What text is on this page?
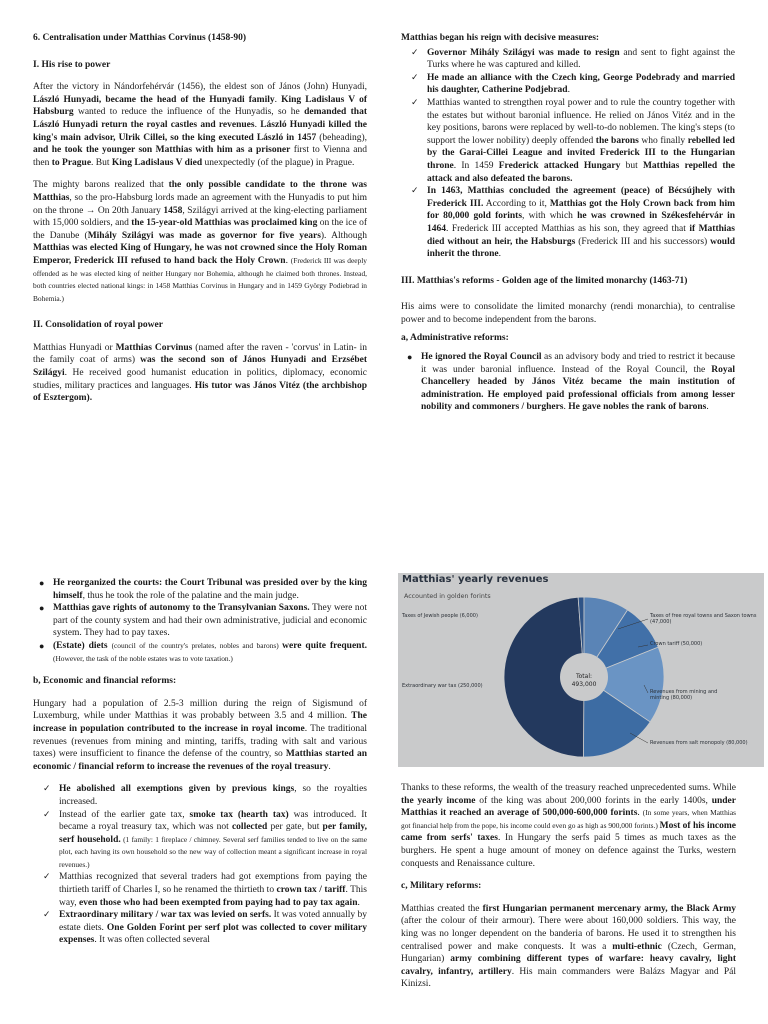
6. Centralisation under Matthias Corvinus (1458-90)

I. His rise to power

After the victory in Nándorfehérvár (1456), the eldest son of János (John) Hunyadi, László Hunyadi, became the head of the Hunyadi family. King Ladislaus V of Habsburg wanted to reduce the influence of the Hunyadis, so he demanded that László Hunyadi return the royal castles and revenues. László Hunyadi killed the king's main advisor, Ulrik Cillei, so the king executed László in 1457 (beheading), and he took the younger son Matthias with him as a prisoner first to Vienna and then to Prague. But King Ladislaus V died unexpectedly (of the plague) in Prague.

The mighty barons realized that the only possible candidate to the throne was Matthias, so the pro-Habsburg lords made an agreement with the Hunyadis to put him on the throne → On 20th January 1458, Szilágyi arrived at the king-electing parliament with 15,000 soldiers, and the 15-year-old Matthias was proclaimed king on the ice of the Danube (Mihály Szilágyi was made as governor for five years). Although Matthias was elected King of Hungary, he was not crowned since the Holy Roman Emperor, Frederick III refused to hand back the Holy Crown. (Frederick III was deeply offended as he was elected king of neither Hungary nor Bohemia, although he claimed both thrones. Instead, both countries elected national kings: in 1458 Matthias Corvinus in Hungary and in 1459 György Podiebrad in Bohemia.)

II. Consolidation of royal power

Matthias Hunyadi or Matthias Corvinus (named after the raven - 'corvus' in Latin- in the family coat of arms) was the second son of János Hunyadi and Erzsébet Szilágyi. He received good humanist education in politics, diplomacy, economic studies, military practices and languages. His tutor was János Vitéz (the archbishop of Esztergom).

Matthias began his reign with decisive measures:

✓ Governor Mihály Szilágyi was made to resign and sent to fight against the Turks where he was captured and killed.
✓ He made an alliance with the Czech king, George Podebrady and married his daughter, Catherine Podjebrad.
✓ Matthias wanted to strengthen royal power and to rule the country together with the estates but without baronial influence. He relied on János Vitéz and in the key positions, barons were replaced by well-to-do noblemen. The king's steps (to support the lower nobility) deeply offended the barons who finally rebelled led by the Garai-Cillei League and invited Frederick III to the Hungarian throne. In 1459 Frederick attacked Hungary but Matthias repelled the attack and also defeated the barons.
✓ In 1463, Matthias concluded the agreement (peace) of Bécsújhely with Frederick III. According to it, Matthias got the Holy Crown back from him for 80,000 gold forints, with which he was crowned in Székesfehérvár in 1464. Frederick III accepted Matthias as his son, they agreed that if Matthias died without an heir, the Habsburgs (Frederick III and his successors) would inherit the throne.

III. Matthias's reforms - Golden age of the limited monarchy (1463-71)

His aims were to consolidate the limited monarchy (rendi monarchia), to centralise power and to become independent from the barons.

a, Administrative reforms:

● He ignored the Royal Council as an advisory body and tried to restrict it because it was under baronial influence. Instead of the Royal Council, the Royal Chancellery headed by János Vitéz became the main institution of administration. He employed paid professional officials from among lesser nobility and commoners / burghers. He gave nobles the rank of barons.
● He reorganized the courts: the Court Tribunal was presided over by the king himself, thus he took the role of the palatine and the main judge.
● Matthias gave rights of autonomy to the Transylvanian Saxons. They were not part of the county system and had their own administrative, judicial and economic system. They had to pay taxes.
● (Estate) diets (council of the country's prelates, nobles and barons) were quite frequent. (However, the task of the noble estates was to vote taxation.)

b, Economic and financial reforms:

Hungary had a population of 2.5-3 million during the reign of Sigismund of Luxemburg, while under Matthias it was probably between 3.5 and 4 million. The increase in population contributed to the increase in royal income. The traditional revenues (revenues from mining and minting, tariffs, trading with salt and various taxes) were insufficient to finance the defense of the country, so Matthias started an economic / financial reform to increase the revenues of the royal treasury.

✓ He abolished all exemptions given by previous kings, so the royalties increased.
✓ Instead of the earlier gate tax, smoke tax (hearth tax) was introduced. It became a royal treasury tax, which was not collected per gate, but per family, serf household. (1 family: 1 fireplace / chimney. Several serf families tended to live on the same plot, each having its own household so the new way of collection meant a significant increase in royal revenues.)
✓ Matthias recognized that several traders had got exemptions from paying the thirtieth tariff of Charles I, so he renamed the thirtieth to crown tax / tariff. This way, even those who had been exempted from paying had to pay tax again.
✓ Extraordinary military / war tax was levied on serfs. It was voted annually by estate diets. One Golden Forint per serf plot was collected to cover military expenses. It was often collected several
Matthias' yearly revenues
Accounted in golden forints
Total:
493,000
Taxes of Jewish people (6,000)
Extraordinary war tax (250,000)
Taxes of free royal towns and Saxon towns (47,000)
Crown tariff (50,000)
Revenues from mining and minting (80,000)
Revenues from salt monopoly (80,000)

Thanks to these reforms, the wealth of the treasury reached unprecedented sums. While the yearly income of the king was about 200,000 forints in the early 1400s, under Matthias it reached an average of 500,000-600,000 forints. (In some years, when Matthias got financial help from the pope, his income could even go as high as 900,000 forints.) Most of his income came from serfs' taxes. In Hungary the serfs paid 5 times as much taxes as the burghers. He spent a huge amount of money on defence against the Turks, western conquests and Renaissance culture.

c, Military reforms:

Matthias created the first Hungarian permanent mercenary army, the Black Army (after the colour of their armour). There were about 160,000 soldiers. This way, the king was no longer dependent on the banderia of barons. He used it to strengthen his centralised power and make conquests. It was a multi-ethnic (Czech, German, Hungarian) army combining different types of warfare: heavy cavalry, light cavalry, infantry, artillery. His main commanders were Balázs Magyar and Pál Kinizsi.
